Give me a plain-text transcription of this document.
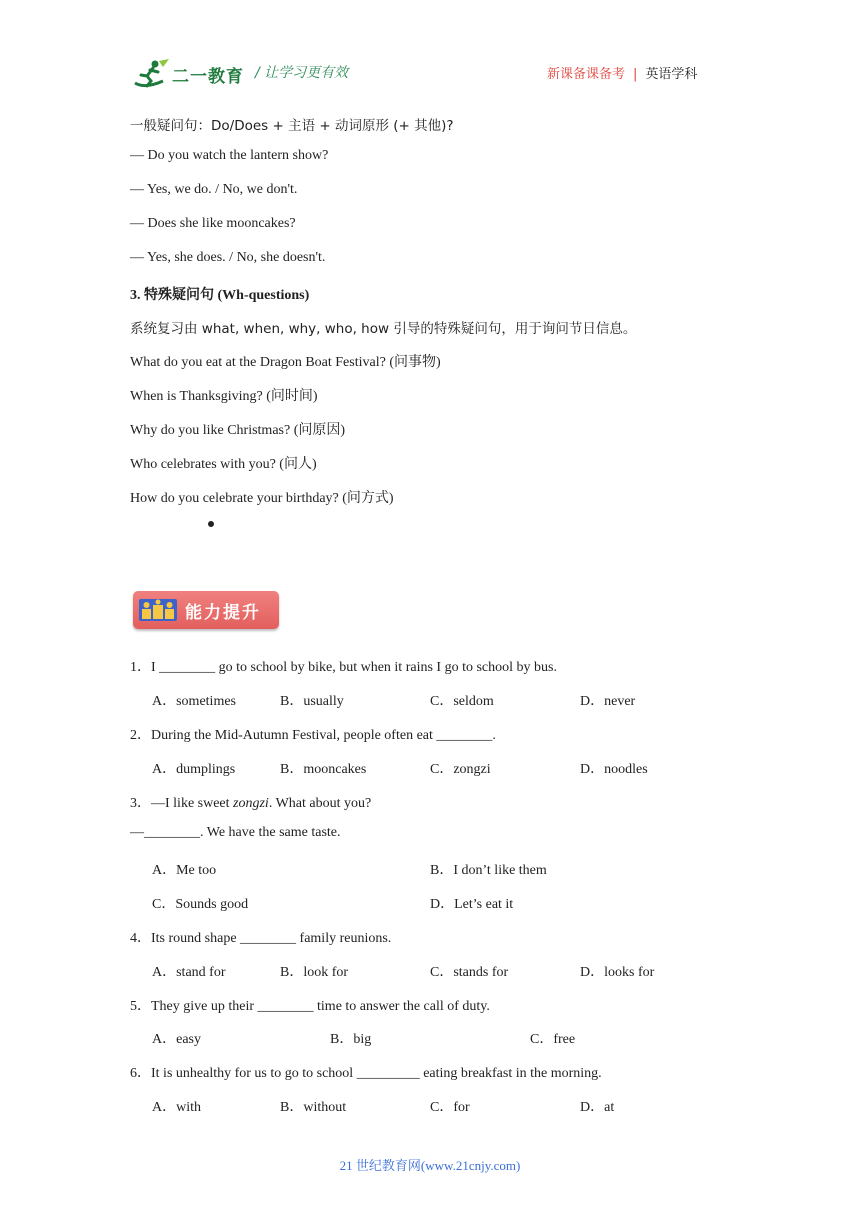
二一教育 / 让学习更有效	新课备课备考 | 英语学科
一般疑问句：Do/Does + 主语 + 动词原形 (+ 其他)?
— Do you watch the lantern show?
— Yes, we do. / No, we don't.
— Does she like mooncakes?
— Yes, she does. / No, she doesn't.
3. 特殊疑问句 (Wh-questions)
系统复习由 what, when, why, who, how 引导的特殊疑问句，用于询问节日信息。
What do you eat at the Dragon Boat Festival? (问事物)
When is Thanksgiving? (问时间)
Why do you like Christmas? (问原因)
Who celebrates with you? (问人)
How do you celebrate your birthday? (问方式)
能力提升
1．I ________ go to school by bike, but when it rains I go to school by bus.
A．sometimes	B．usually	C．seldom	D．never
2．During the Mid-Autumn Festival, people often eat ________.
A．dumplings	B．mooncakes	C．zongzi	D．noodles
3．—I like sweet zongzi. What about you?
—________. We have the same taste.
A．Me too	B．I don’t like them
C．Sounds good	D．Let’s eat it
4．Its round shape ________ family reunions.
A．stand for	B．look for	C．stands for	D．looks for
5．They give up their ________ time to answer the call of duty.
A．easy	B．big	C．free
6．It is unhealthy for us to go to school _________ eating breakfast in the morning.
A．with	B．without	C．for	D．at
21 世纪教育网(www.21cnjy.com)
